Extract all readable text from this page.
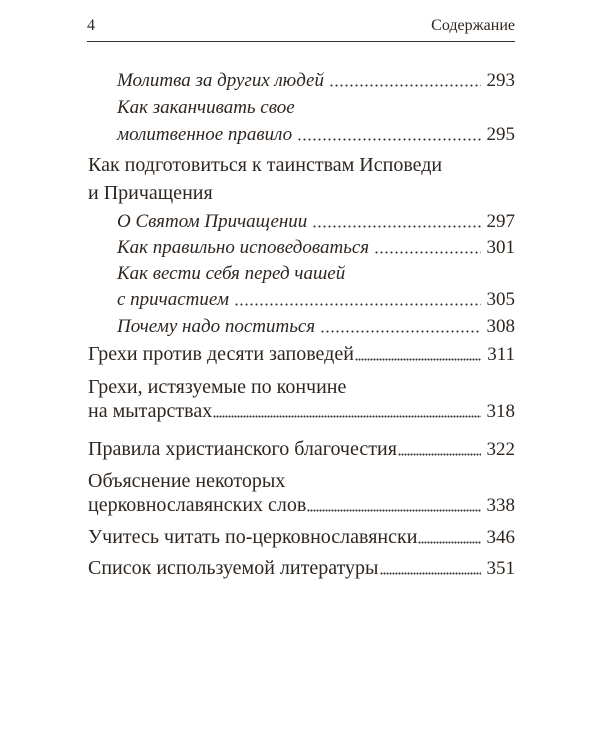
4	Содержание
Молитва за других людей	293
Как заканчивать свое
молитвенное правило	295
Как подготовиться к таинствам Исповеди
и Причащения
О Святом Причащении	297
Как правильно исповедоваться	301
Как вести себя перед чашей
с причастием	305
Почему надо поститься	308
Грехи против десяти заповедей	311
Грехи, истязуемые по кончине
на мытарствах	318
Правила христианского благочестия	322
Объяснение некоторых
церковнославянских слов	338
Учитесь читать по-церковнославянски	346
Список используемой литературы	351
